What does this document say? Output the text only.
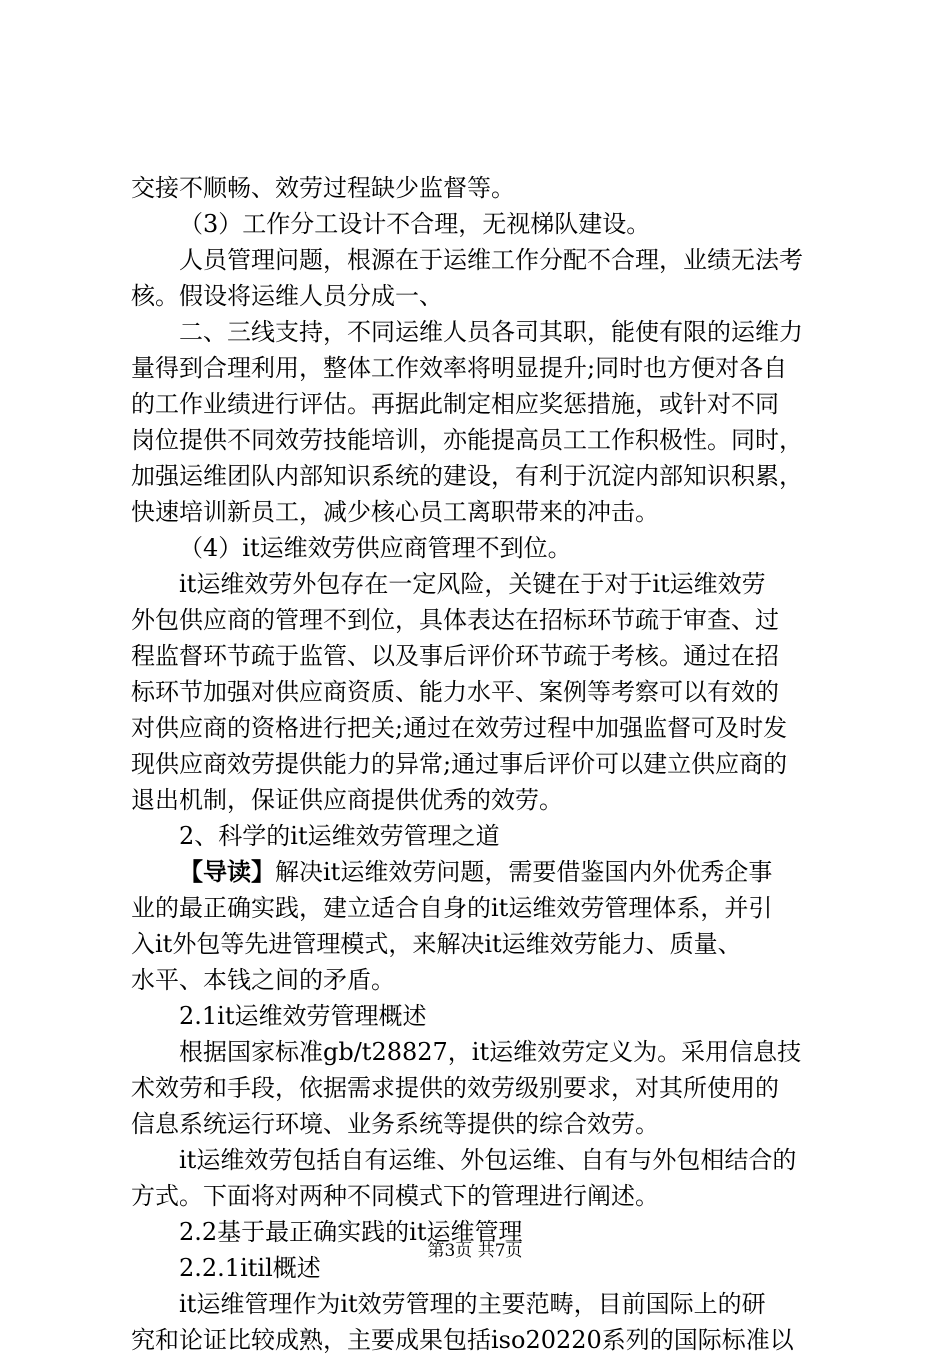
交接不顺畅、效劳过程缺少监督等。
（3）工作分工设计不合理，无视梯队建设。
人员管理问题，根源在于运维工作分配不合理，业绩无法考
核。假设将运维人员分成一、
二、三线支持，不同运维人员各司其职，能使有限的运维力
量得到合理利用，整体工作效率将明显提升;同时也方便对各自
的工作业绩进行评估。再据此制定相应奖惩措施，或针对不同
岗位提供不同效劳技能培训，亦能提高员工工作积极性。同时，
加强运维团队内部知识系统的建设，有利于沉淀内部知识积累，
快速培训新员工，减少核心员工离职带来的冲击。
（4）it运维效劳供应商管理不到位。
it运维效劳外包存在一定风险，关键在于对于it运维效劳
外包供应商的管理不到位，具体表达在招标环节疏于审查、过
程监督环节疏于监管、以及事后评价环节疏于考核。通过在招
标环节加强对供应商资质、能力水平、案例等考察可以有效的
对供应商的资格进行把关;通过在效劳过程中加强监督可及时发
现供应商效劳提供能力的异常;通过事后评价可以建立供应商的
退出机制，保证供应商提供优秀的效劳。
2、科学的it运维效劳管理之道
【导读】解决it运维效劳问题，需要借鉴国内外优秀企事
业的最正确实践，建立适合自身的it运维效劳管理体系，并引
入it外包等先进管理模式，来解决it运维效劳能力、质量、
水平、本钱之间的矛盾。
2.1it运维效劳管理概述
根据国家标准gb/t28827，it运维效劳定义为。采用信息技
术效劳和手段，依据需求提供的效劳级别要求，对其所使用的
信息系统运行环境、业务系统等提供的综合效劳。
it运维效劳包括自有运维、外包运维、自有与外包相结合的
方式。下面将对两种不同模式下的管理进行阐述。
2.2基于最正确实践的it运维管理
2.2.1itil概述
it运维管理作为it效劳管理的主要范畴，目前国际上的研
究和论证比较成熟，主要成果包括iso20220系列的国际标准以
第3页 共7页
